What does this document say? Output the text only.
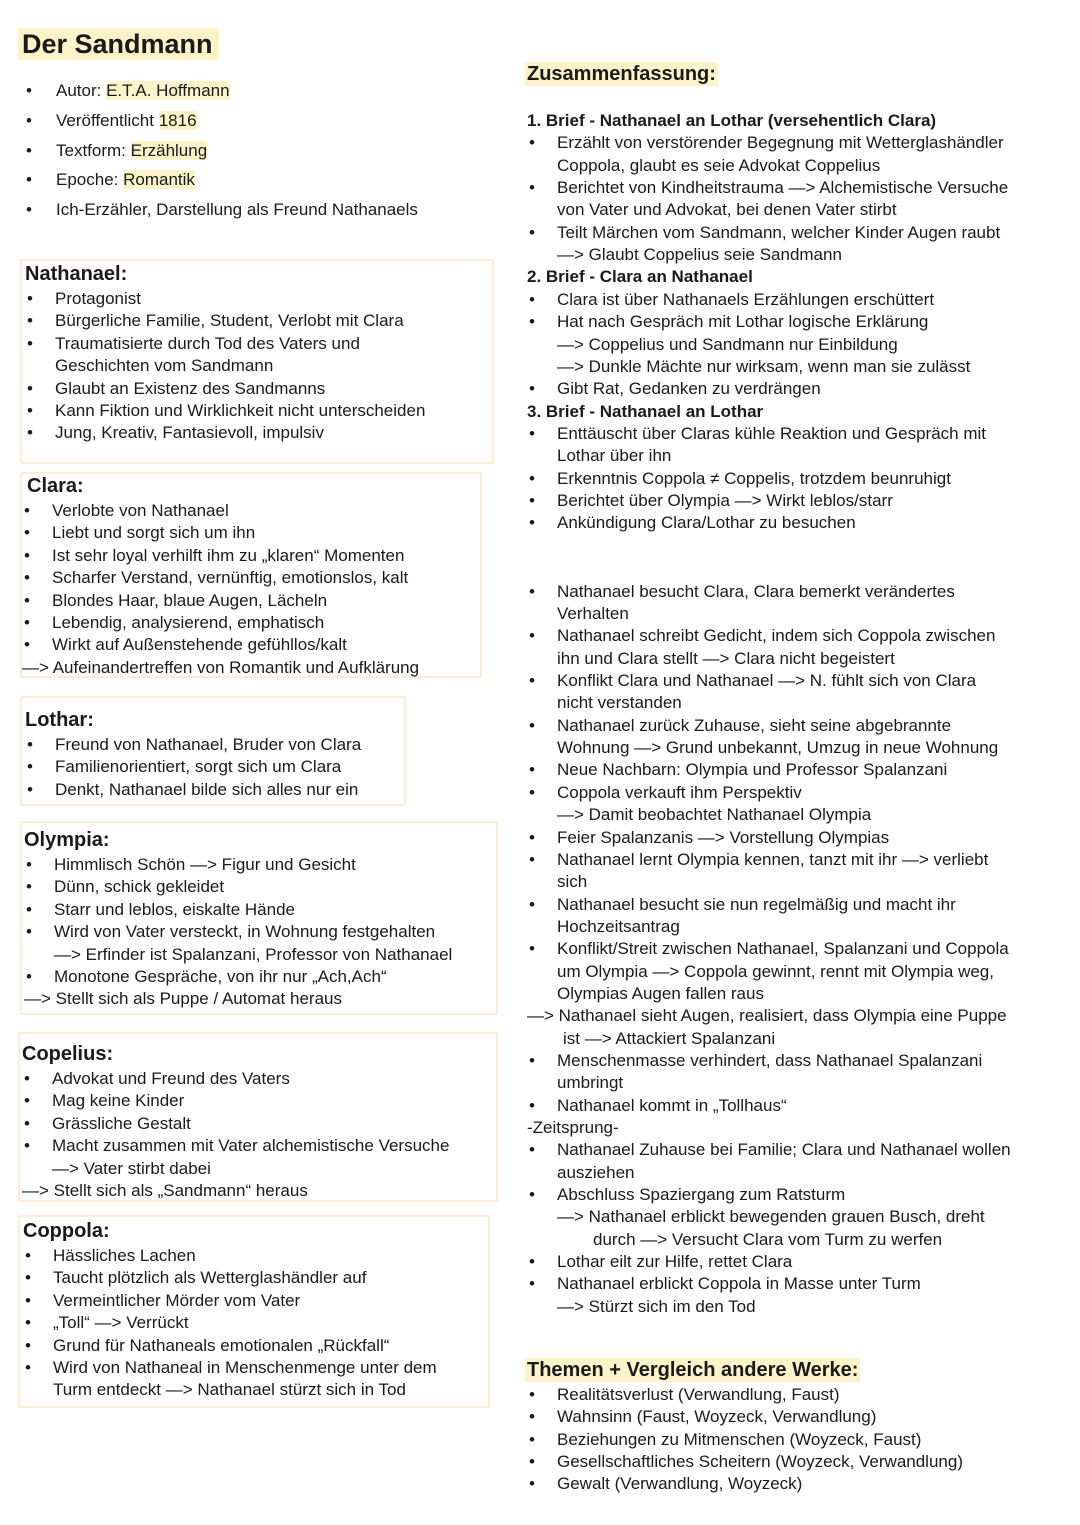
Der Sandmann
• Autor: E.T.A. Hoffmann
• Veröffentlicht 1816
• Textform: Erzählung
• Epoche: Romantik
• Ich-Erzähler, Darstellung als Freund Nathanaels
Nathanael:
• Protagonist
• Bürgerliche Familie, Student, Verlobt mit Clara
• Traumatisierte durch Tod des Vaters und
Geschichten vom Sandmann
• Glaubt an Existenz des Sandmanns
• Kann Fiktion und Wirklichkeit nicht unterscheiden
• Jung, Kreativ, Fantasievoll, impulsiv
Clara:
• Verlobte von Nathanael
• Liebt und sorgt sich um ihn
• Ist sehr loyal verhilft ihm zu „klaren“ Momenten
• Scharfer Verstand, vernünftig, emotionslos, kalt
• Blondes Haar, blaue Augen, Lächeln
• Lebendig, analysierend, emphatisch
• Wirkt auf Außenstehende gefühllos/kalt
—> Aufeinandertreffen von Romantik und Aufklärung
Lothar:
• Freund von Nathanael, Bruder von Clara
• Familienorientiert, sorgt sich um Clara
• Denkt, Nathanael bilde sich alles nur ein
Olympia:
• Himmlisch Schön —> Figur und Gesicht
• Dünn, schick gekleidet
• Starr und leblos, eiskalte Hände
• Wird von Vater versteckt, in Wohnung festgehalten
—> Erfinder ist Spalanzani, Professor von Nathanael
• Monotone Gespräche, von ihr nur „Ach,Ach“
—> Stellt sich als Puppe / Automat heraus
Copelius:
• Advokat und Freund des Vaters
• Mag keine Kinder
• Grässliche Gestalt
• Macht zusammen mit Vater alchemistische Versuche
—> Vater stirbt dabei
—> Stellt sich als „Sandmann“ heraus
Coppola:
• Hässliches Lachen
• Taucht plötzlich als Wetterglashändler auf
• Vermeintlicher Mörder vom Vater
• „Toll“ —> Verrückt
• Grund für Nathaneals emotionalen „Rückfall“
• Wird von Nathaneal in Menschenmenge unter dem
Turm entdeckt —> Nathanael stürzt sich in Tod
Zusammenfassung:
1. Brief - Nathanael an Lothar (versehentlich Clara)
• Erzählt von verstörender Begegnung mit Wetterglashändler
Coppola, glaubt es seie Advokat Coppelius
• Berichtet von Kindheitstrauma —> Alchemistische Versuche
von Vater und Advokat, bei denen Vater stirbt
• Teilt Märchen vom Sandmann, welcher Kinder Augen raubt
—> Glaubt Coppelius seie Sandmann
2. Brief - Clara an Nathanael
• Clara ist über Nathanaels Erzählungen erschüttert
• Hat nach Gespräch mit Lothar logische Erklärung
—> Coppelius und Sandmann nur Einbildung
—> Dunkle Mächte nur wirksam, wenn man sie zulässt
• Gibt Rat, Gedanken zu verdrängen
3. Brief - Nathanael an Lothar
• Enttäuscht über Claras kühle Reaktion und Gespräch mit
Lothar über ihn
• Erkenntnis Coppola ≠ Coppelis, trotzdem beunruhigt
• Berichtet über Olympia —> Wirkt leblos/starr
• Ankündigung Clara/Lothar zu besuchen
• Nathanael besucht Clara, Clara bemerkt verändertes
Verhalten
• Nathanael schreibt Gedicht, indem sich Coppola zwischen
ihn und Clara stellt —> Clara nicht begeistert
• Konflikt Clara und Nathanael —> N. fühlt sich von Clara
nicht verstanden
• Nathanael zurück Zuhause, sieht seine abgebrannte
Wohnung —> Grund unbekannt, Umzug in neue Wohnung
• Neue Nachbarn: Olympia und Professor Spalanzani
• Coppola verkauft ihm Perspektiv
—> Damit beobachtet Nathanael Olympia
• Feier Spalanzanis —> Vorstellung Olympias
• Nathanael lernt Olympia kennen, tanzt mit ihr —> verliebt
sich
• Nathanael besucht sie nun regelmäßig und macht ihr
Hochzeitsantrag
• Konflikt/Streit zwischen Nathanael, Spalanzani und Coppola
um Olympia —> Coppola gewinnt, rennt mit Olympia weg,
Olympias Augen fallen raus
—> Nathanael sieht Augen, realisiert, dass Olympia eine Puppe
ist —> Attackiert Spalanzani
• Menschenmasse verhindert, dass Nathanael Spalanzani
umbringt
• Nathanael kommt in „Tollhaus“
-Zeitsprung-
• Nathanael Zuhause bei Familie; Clara und Nathanael wollen
ausziehen
• Abschluss Spaziergang zum Ratsturm
—> Nathanael erblickt bewegenden grauen Busch, dreht
durch —> Versucht Clara vom Turm zu werfen
• Lothar eilt zur Hilfe, rettet Clara
• Nathanael erblickt Coppola in Masse unter Turm
—> Stürzt sich im den Tod
Themen + Vergleich andere Werke:
• Realitätsverlust (Verwandlung, Faust)
• Wahnsinn (Faust, Woyzeck, Verwandlung)
• Beziehungen zu Mitmenschen (Woyzeck, Faust)
• Gesellschaftliches Scheitern (Woyzeck, Verwandlung)
• Gewalt (Verwandlung, Woyzeck)
